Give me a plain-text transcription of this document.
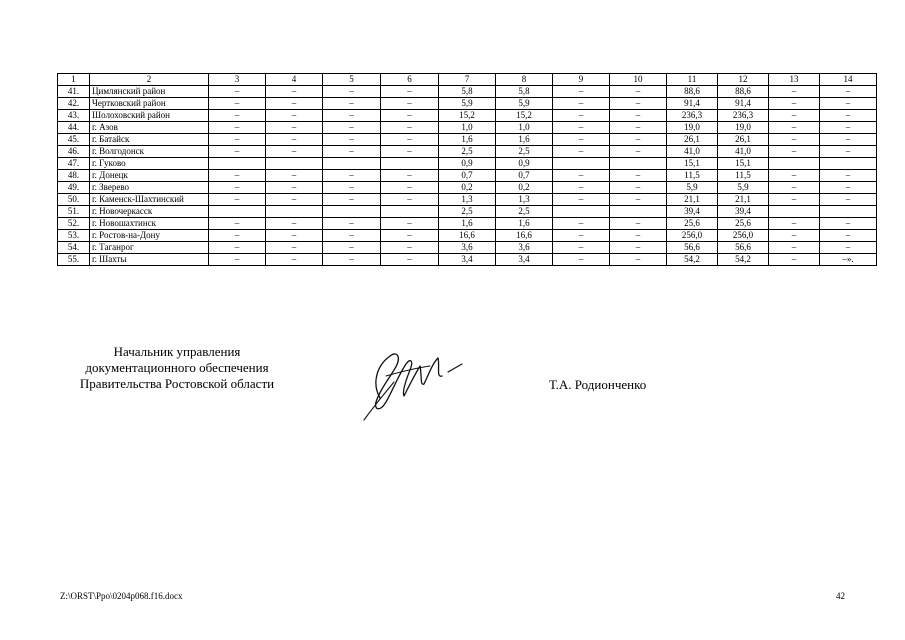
1	2	3	4	5	6	7	8	9	10	11	12	13	14
41.	Цимлянский район	–	–	–	–	5,8	5,8	–	–	88,6	88,6	–	–
42.	Чертковский район	–	–	–	–	5,9	5,9	–	–	91,4	91,4	–	–
43.	Шолоховский район	–	–	–	–	15,2	15,2	–	–	236,3	236,3	–	–
44.	г. Азов	–	–	–	–	1,0	1,0	–	–	19,0	19,0	–	–
45.	г. Батайск	–	–	–	–	1,6	1,6	–	–	26,1	26,1	–	–
46.	г. Волгодонск	–	–	–	–	2,5	2,5	–	–	41,0	41,0	–	–
47.	г. Гуково					0,9	0,9			15,1	15,1		
48.	г. Донецк	–	–	–	–	0,7	0,7	–	–	11,5	11,5	–	–
49.	г. Зверево	–	–	–	–	0,2	0,2	–	–	5,9	5,9	–	–
50.	г. Каменск-Шахтинский	–	–	–	–	1,3	1,3	–	–	21,1	21,1	–	–
51.	г. Новочеркасск					2,5	2,5			39,4	39,4		
52.	г. Новошахтинск	–	–	–	–	1,6	1,6	–	–	25,6	25,6	–	–
53.	г. Ростов-на-Дону	–	–	–	–	16,6	16,6	–	–	256,0	256,0	–	–
54.	г. Таганрог	–	–	–	–	3,6	3,6	–	–	56,6	56,6	–	–
55.	г. Шахты	–	–	–	–	3,4	3,4	–	–	54,2	54,2	–	–».
Начальник управления
документационного обеспечения
Правительства Ростовской области	Т.А. Родионченко
Z:\ORST\Ppo\0204p068.f16.docx	42
